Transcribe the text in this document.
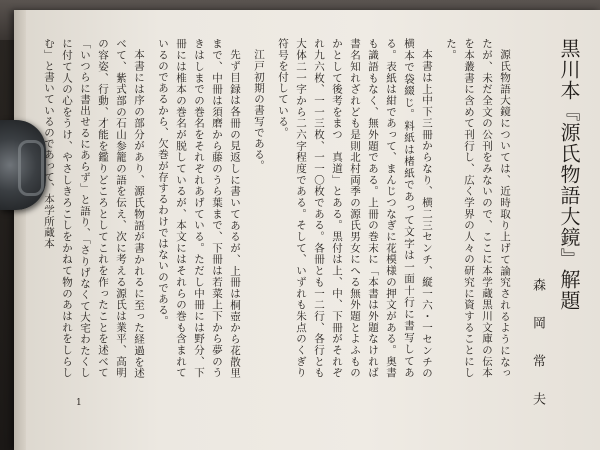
黒川本『源氏物語大鏡』解題
森　岡　常　夫

源氏物語大鏡については、近時取り上げて論究されるようになったが、未だ全文の公刊をみないので、ここに本学蔵黒川文庫の伝本を本叢書に含めて刊行し、広く学界の人々の研究に資することにした。

本書は上中下三冊からなり、横二三センチ、縦一六・一センチの横本で袋綴じ。料紙は楮紙であって文字は一面十行に書写してある。表紙は紺であって、まんじつなぎに花模様の押文がある。奥書も識語もなく、無外題である。上冊の巻末に「本書は外題なければ書名知れざれども是則北村両季の源氏男女にへる無外題とよふものかとして後考をまつ　真道」とある。黒付は上、中、下冊がそれぞれ九六枚、一一三枚、一一〇枚である。各冊とも一二行、各行とも大体二一字から二六字程度である。そして、いずれも朱点のくぎり符号を付している。

江戸初期の書写である。

先ず目録は各冊の見返しに書いてあるが、上冊は桐壺から花散里まで、中冊は須磨から藤のうら葉まで、下冊は若菜上下から夢のうきはしまでの巻名をそれぞれあげている。ただし中冊には野分、下冊には椎本の巻名が脱しているが、本文にはそれらの巻も含まれているのであるから、欠巻が存するわけではないのである。

本書には序の部分があり、源氏物語が書かれるに至った経過を述べて、紫式部の石山参籠の語を伝え、次に考える源氏は業平、高明の容姿、行動、才能を鑑りどころとしてこれを作ったことを述べて「いつらに書出せるにあらず」と語り、「さりげなくて大宅わたくしに付て人の心をうけ、やさしきろこしをかねて物のあはれをしらしむ」と書いているのであって、本学所蔵本

1
